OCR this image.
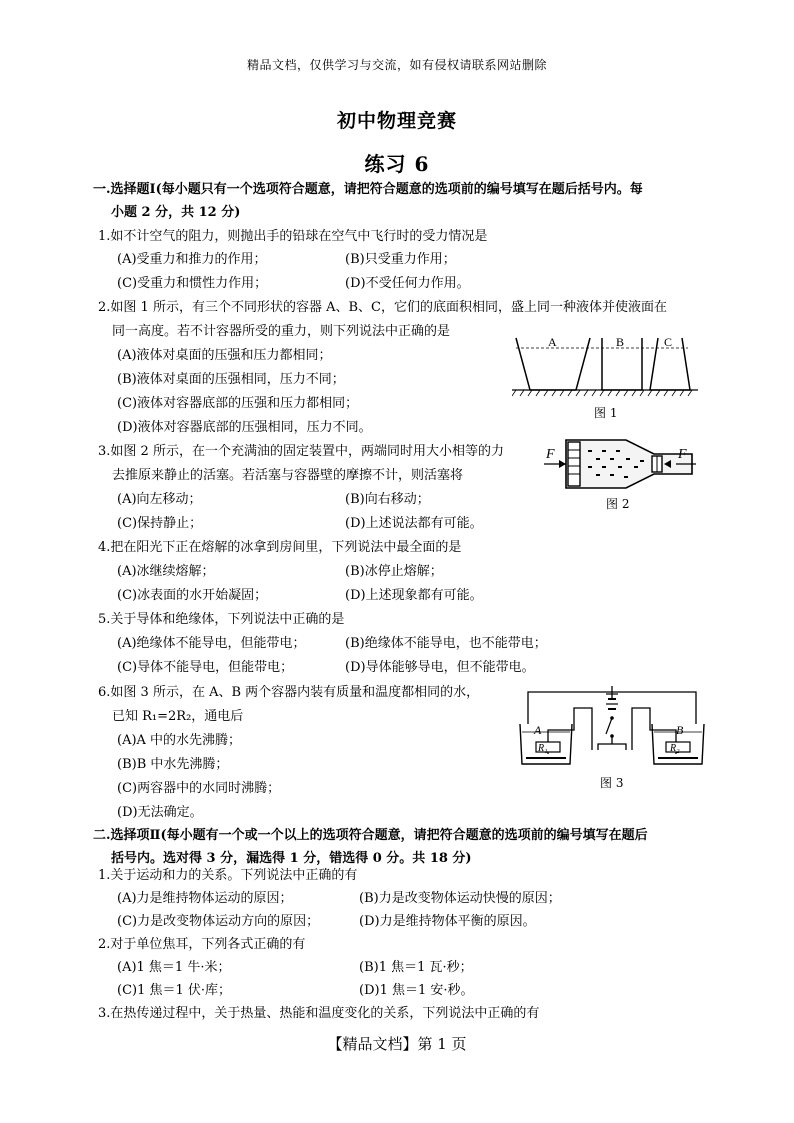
精品文档，仅供学习与交流，如有侵权请联系网站删除
初中物理竞赛
练习 6
一.选择题Ⅰ(每小题只有一个选项符合题意，请把符合题意的选项前的编号填写在题后括号内。每
小题 2 分，共 12 分)
1.如不计空气的阻力，则抛出手的铅球在空气中飞行时的受力情况是
(A)受重力和推力的作用；	(B)只受重力作用；
(C)受重力和惯性力作用；	(D)不受任何力作用。
2.如图 1 所示，有三个不同形状的容器 A、B、C，它们的底面积相同，盛上同一种液体并使液面在
同一高度。若不计容器所受的重力，则下列说法中正确的是
(A)液体对桌面的压强和压力都相同；
(B)液体对桌面的压强相同，压力不同；
(C)液体对容器底部的压强和压力都相同；
(D)液体对容器底部的压强相同，压力不同。
A	B	C
图 1
3.如图 2 所示，在一个充满油的固定装置中，两端同时用大小相等的力
去推原来静止的活塞。若活塞与容器壁的摩擦不计，则活塞将
(A)向左移动；	(B)向右移动；
(C)保持静止；	(D)上述说法都有可能。
F	F
图 2
4.把在阳光下正在熔解的冰拿到房间里，下列说法中最全面的是
(A)冰继续熔解；	(B)冰停止熔解；
(C)冰表面的水开始凝固；	(D)上述现象都有可能。
5.关于导体和绝缘体，下列说法中正确的是
(A)绝缘体不能导电，但能带电；	(B)绝缘体不能导电，也不能带电；
(C)导体不能导电，但能带电；	(D)导体能够导电，但不能带电。
6.如图 3 所示，在 A、B 两个容器内装有质量和温度都相同的水，
已知 R₁=2R₂，通电后
(A)A 中的水先沸腾；
(B)B 中水先沸腾；
(C)两容器中的水同时沸腾；
(D)无法确定。
A
R₁
B
R₂
图 3
二.选择项Ⅱ(每小题有一个或一个以上的选项符合题意，请把符合题意的选项前的编号填写在题后
括号内。选对得 3 分，漏选得 1 分，错选得 0 分。共 18 分)
1.关于运动和力的关系。下列说法中正确的有
(A)力是维持物体运动的原因；	(B)力是改变物体运动快慢的原因；
(C)力是改变物体运动方向的原因；	(D)力是维持物体平衡的原因。
2.对于单位焦耳，下列各式正确的有
(A)1 焦＝1 牛·米；	(B)1 焦＝1 瓦·秒；
(C)1 焦＝1 伏·库；	(D)1 焦＝1 安·秒。
3.在热传递过程中，关于热量、热能和温度变化的关系，下列说法中正确的有
【精品文档】第 1 页
